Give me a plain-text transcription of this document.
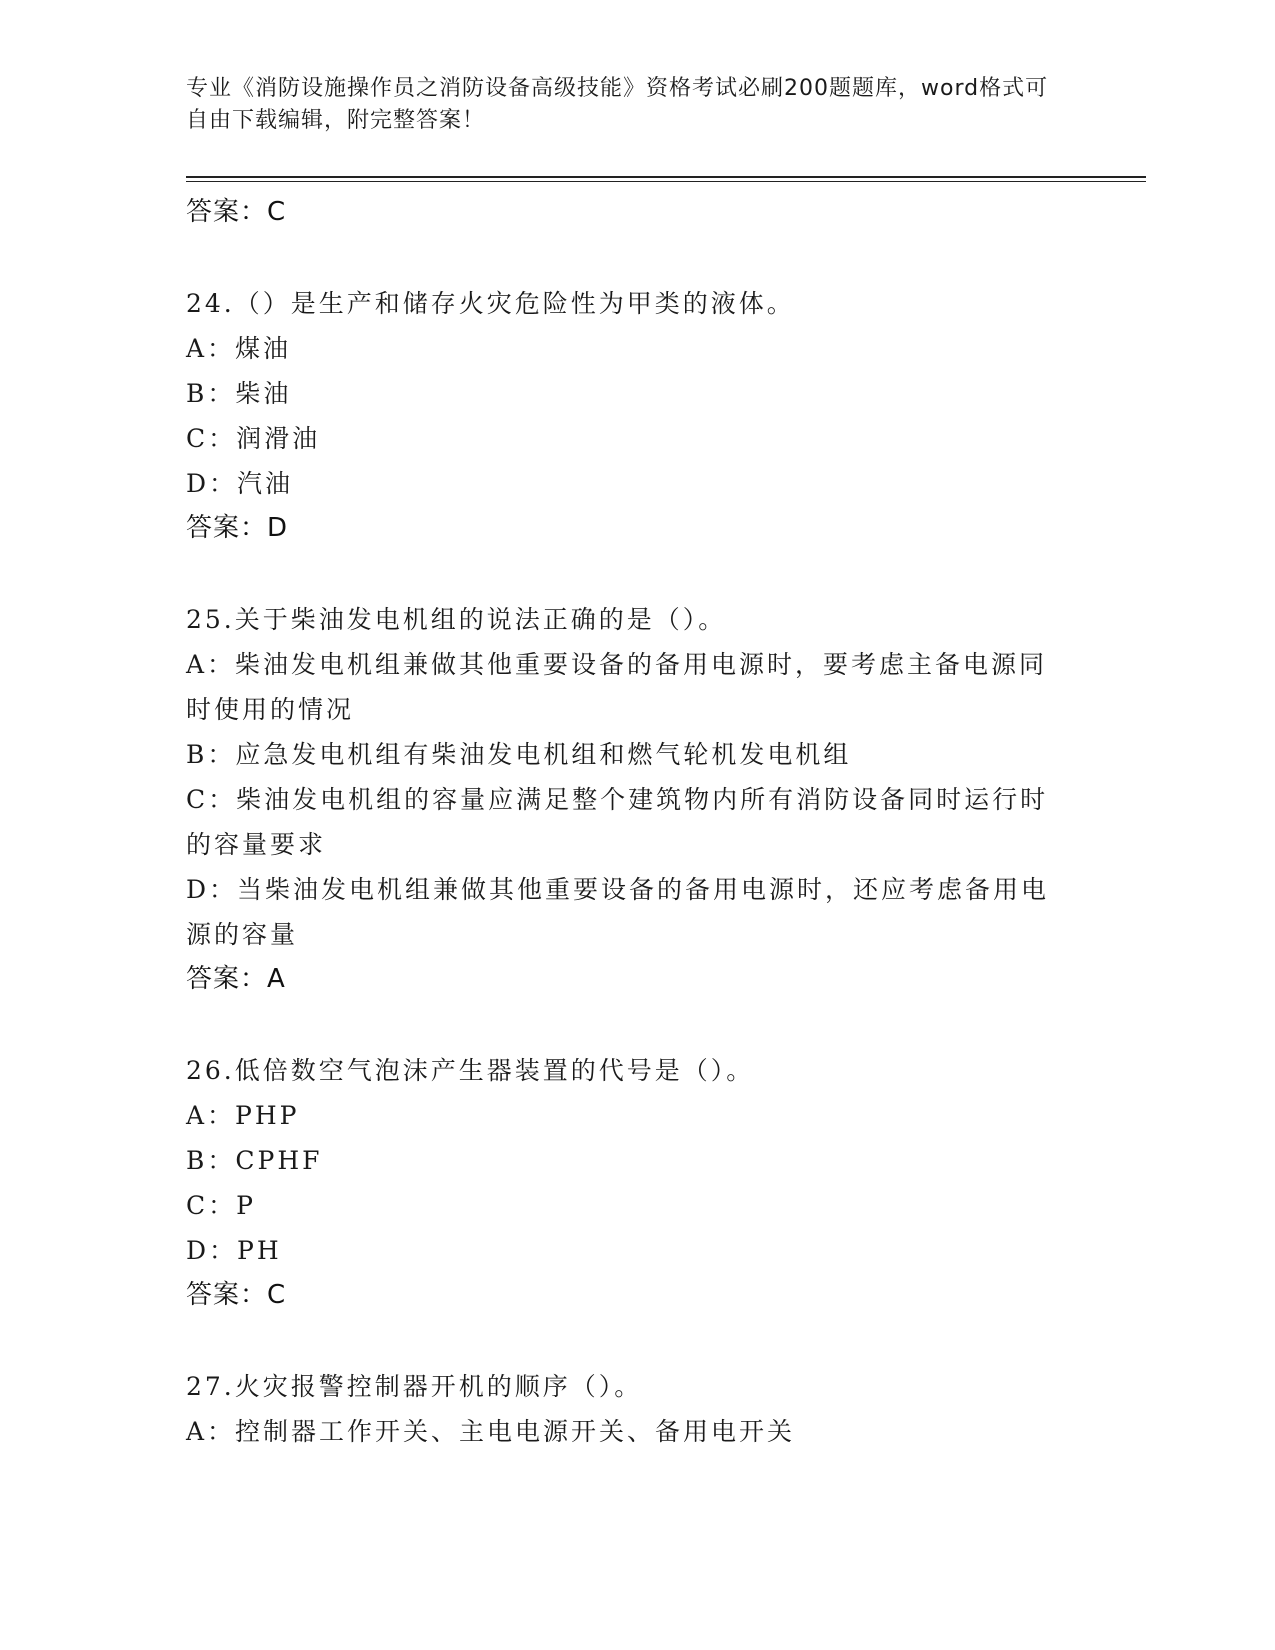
专业《消防设施操作员之消防设备高级技能》资格考试必刷200题题库，word格式可自由下载编辑，附完整答案！
答案：C
24.（）是生产和储存火灾危险性为甲类的液体。
A：煤油
B：柴油
C：润滑油
D：汽油
答案：D
25.关于柴油发电机组的说法正确的是（）。
A：柴油发电机组兼做其他重要设备的备用电源时，要考虑主备电源同时使用的情况
B：应急发电机组有柴油发电机组和燃气轮机发电机组
C：柴油发电机组的容量应满足整个建筑物内所有消防设备同时运行时的容量要求
D：当柴油发电机组兼做其他重要设备的备用电源时，还应考虑备用电源的容量
答案：A
26.低倍数空气泡沫产生器装置的代号是（）。
A：PHP
B：CPHF
C：P
D：PH
答案：C
27.火灾报警控制器开机的顺序（）。
A：控制器工作开关、主电电源开关、备用电开关
